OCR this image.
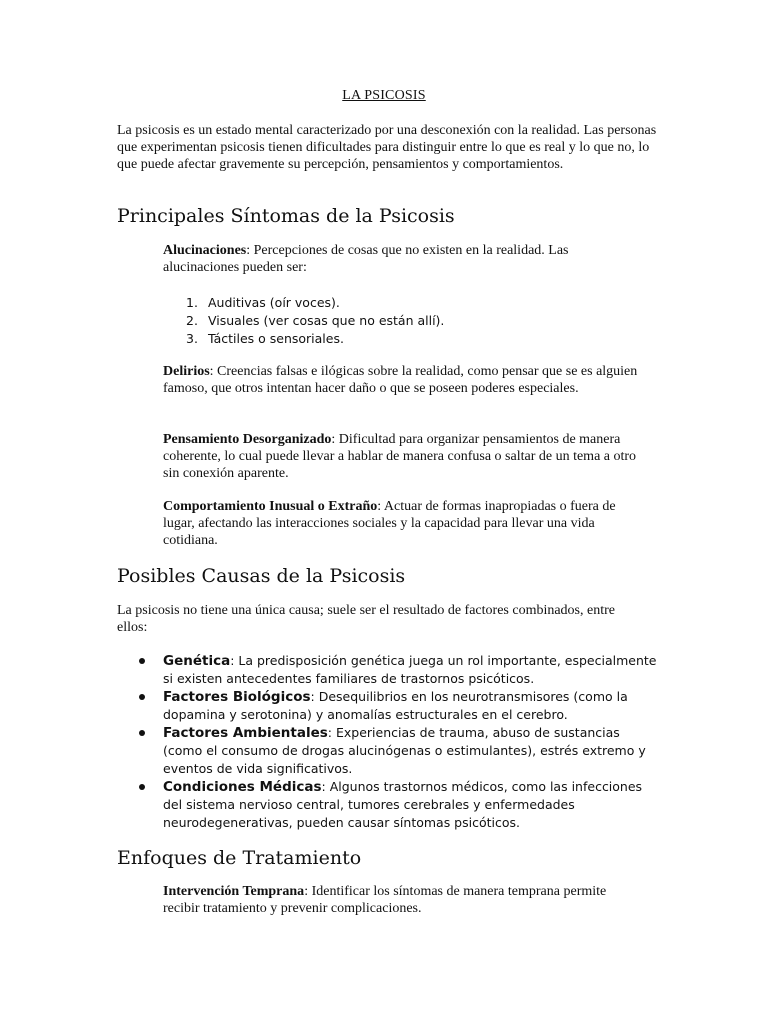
LA PSICOSIS

La psicosis es un estado mental caracterizado por una desconexión con la realidad. Las personas que experimentan psicosis tienen dificultades para distinguir entre lo que es real y lo que no, lo que puede afectar gravemente su percepción, pensamientos y comportamientos.

Principales Síntomas de la Psicosis

Alucinaciones: Percepciones de cosas que no existen en la realidad. Las alucinaciones pueden ser:

1. Auditivas (oír voces).
2. Visuales (ver cosas que no están allí).
3. Táctiles o sensoriales.

Delirios: Creencias falsas e ilógicas sobre la realidad, como pensar que se es alguien famoso, que otros intentan hacer daño o que se poseen poderes especiales.

Pensamiento Desorganizado: Dificultad para organizar pensamientos de manera coherente, lo cual puede llevar a hablar de manera confusa o saltar de un tema a otro sin conexión aparente.

Comportamiento Inusual o Extraño: Actuar de formas inapropiadas o fuera de lugar, afectando las interacciones sociales y la capacidad para llevar una vida cotidiana.

Posibles Causas de la Psicosis

La psicosis no tiene una única causa; suele ser el resultado de factores combinados, entre ellos:

Genética: La predisposición genética juega un rol importante, especialmente si existen antecedentes familiares de trastornos psicóticos.
Factores Biológicos: Desequilibrios en los neurotransmisores (como la dopamina y serotonina) y anomalías estructurales en el cerebro.
Factores Ambientales: Experiencias de trauma, abuso de sustancias (como el consumo de drogas alucinógenas o estimulantes), estrés extremo y eventos de vida significativos.
Condiciones Médicas: Algunos trastornos médicos, como las infecciones del sistema nervioso central, tumores cerebrales y enfermedades neurodegenerativas, pueden causar síntomas psicóticos.
Enfoques de Tratamiento

Intervención Temprana: Identificar los síntomas de manera temprana permite recibir tratamiento y prevenir complicaciones.
